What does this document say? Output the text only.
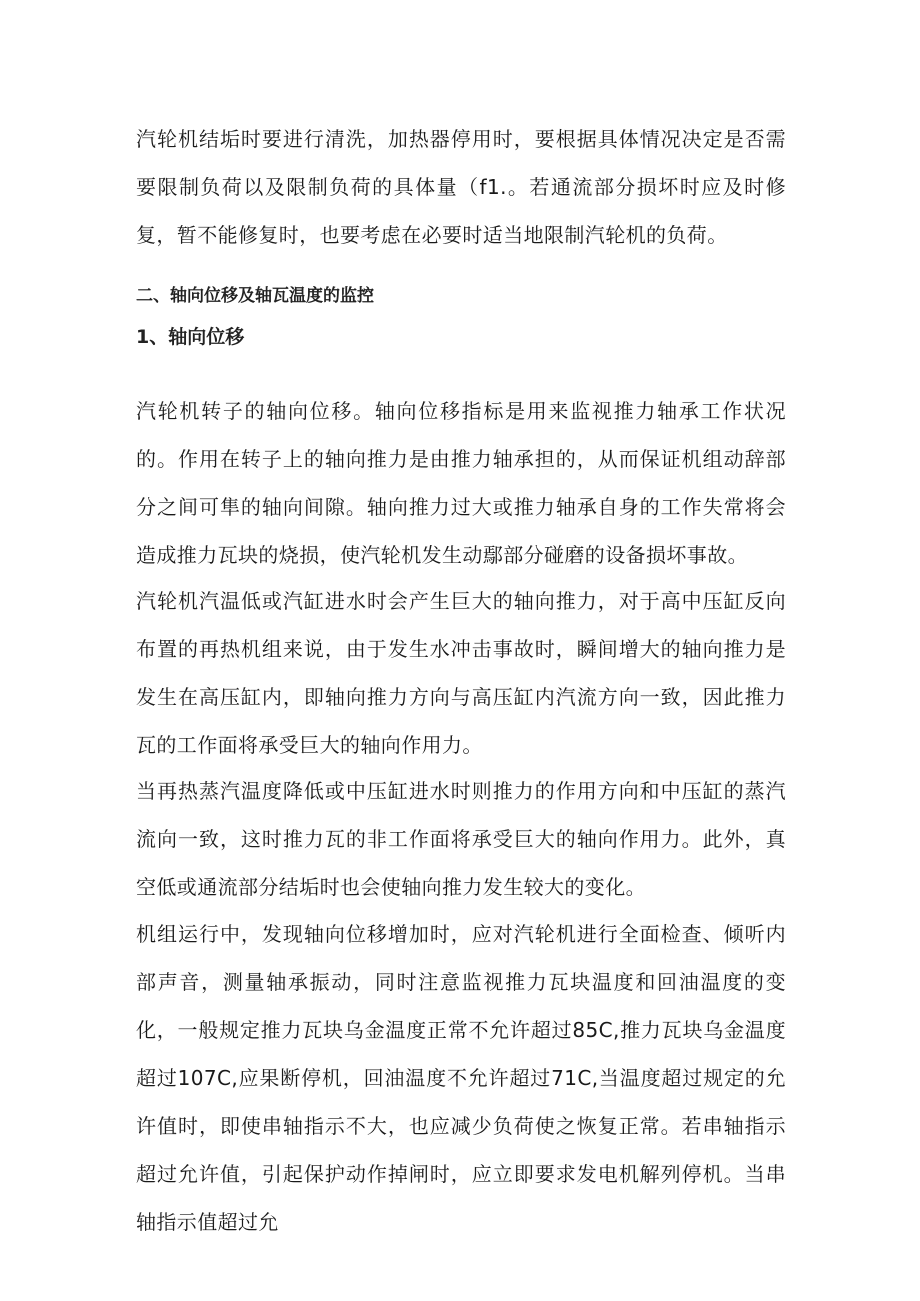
汽轮机结垢时要进行清洗，加热器停用时，要根据具体情况决定是否需要限制负荷以及限制负荷的具体量（f1.。若通流部分损坏时应及时修复，暂不能修复时，也要考虑在必要时适当地限制汽轮机的负荷。

二、轴向位移及轴瓦温度的监控
1、轴向位移

汽轮机转子的轴向位移。轴向位移指标是用来监视推力轴承工作状况的。作用在转子上的轴向推力是由推力轴承担的，从而保证机组动辞部分之间可隼的轴向间隙。轴向推力过大或推力轴承自身的工作失常将会造成推力瓦块的烧损，使汽轮机发生动鄢部分碰磨的设备损坏事故。

汽轮机汽温低或汽缸进水时会产生巨大的轴向推力，对于高中压缸反向布置的再热机组来说，由于发生水冲击事故时，瞬间增大的轴向推力是发生在高压缸内，即轴向推力方向与高压缸内汽流方向一致，因此推力瓦的工作面将承受巨大的轴向作用力。

当再热蒸汽温度降低或中压缸进水时则推力的作用方向和中压缸的蒸汽流向一致，这时推力瓦的非工作面将承受巨大的轴向作用力。此外，真空低或通流部分结垢时也会使轴向推力发生较大的变化。

机组运行中，发现轴向位移增加时，应对汽轮机进行全面检查、倾听内部声音，测量轴承振动，同时注意监视推力瓦块温度和回油温度的变化，一般规定推力瓦块乌金温度正常不允许超过85C,推力瓦块乌金温度超过107C,应果断停机，回油温度不允许超过71C,当温度超过规定的允许值时，即使串轴指示不大，也应减少负荷使之恢复正常。若串轴指示超过允许值，引起保护动作掉闸时，应立即要求发电机解列停机。当串轴指示值超过允
